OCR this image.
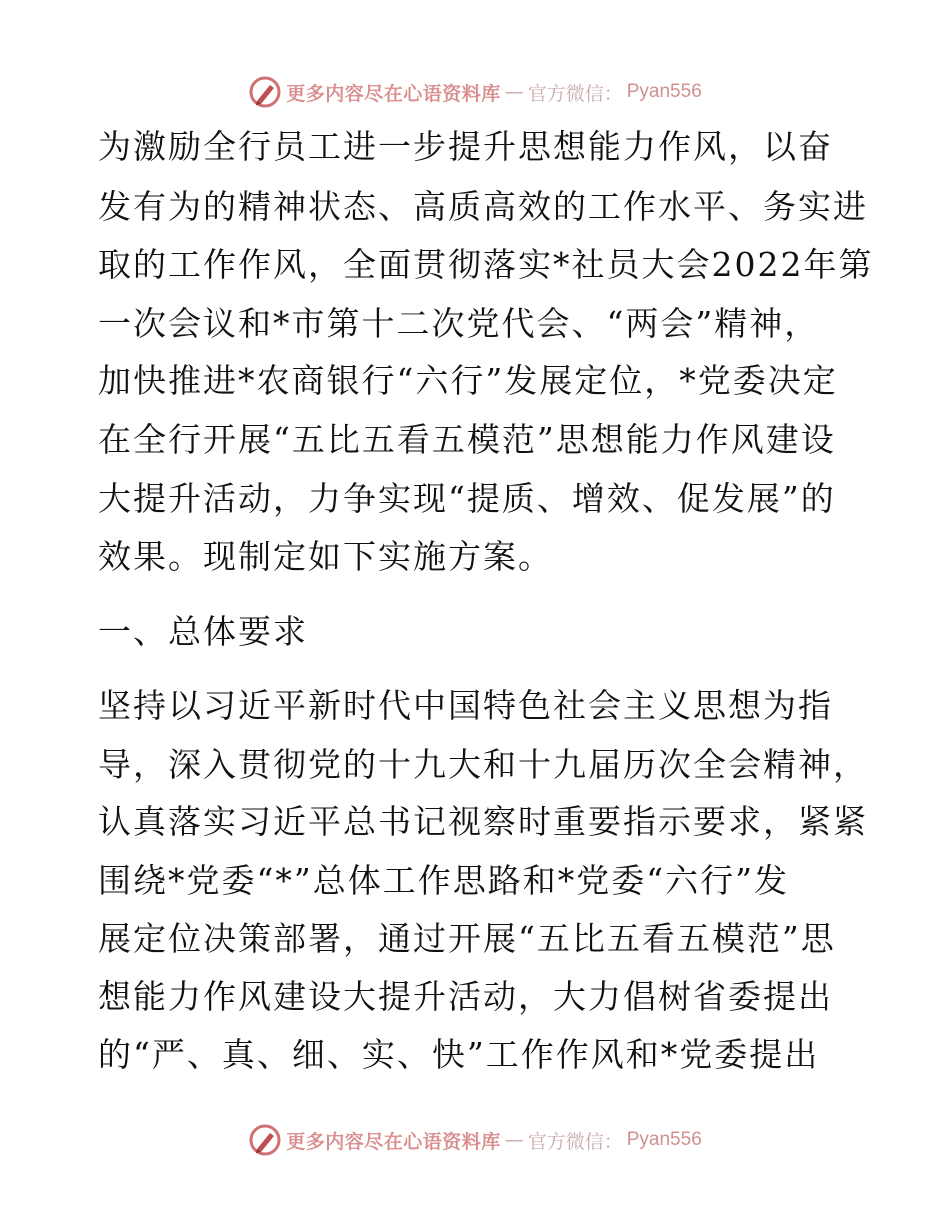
更多内容尽在心语资料库 — 官方微信： Pyan556
为激励全行员工进一步提升思想能力作风，以奋
发有为的精神状态、高质高效的工作水平、务实进
取的工作作风，全面贯彻落实*社员大会2022年第
一次会议和*市第十二次党代会、“两会”精神，
加快推进*农商银行“六行”发展定位，*党委决定
在全行开展“五比五看五模范”思想能力作风建设
大提升活动，力争实现“提质、增效、促发展”的
效果。现制定如下实施方案。
一、总体要求
坚持以习近平新时代中国特色社会主义思想为指
导，深入贯彻党的十九大和十九届历次全会精神，
认真落实习近平总书记视察时重要指示要求，紧紧
围绕*党委“*”总体工作思路和*党委“六行”发
展定位决策部署，通过开展“五比五看五模范”思
想能力作风建设大提升活动，大力倡树省委提出
的“严、真、细、实、快”工作作风和*党委提出
更多内容尽在心语资料库 — 官方微信： Pyan556
